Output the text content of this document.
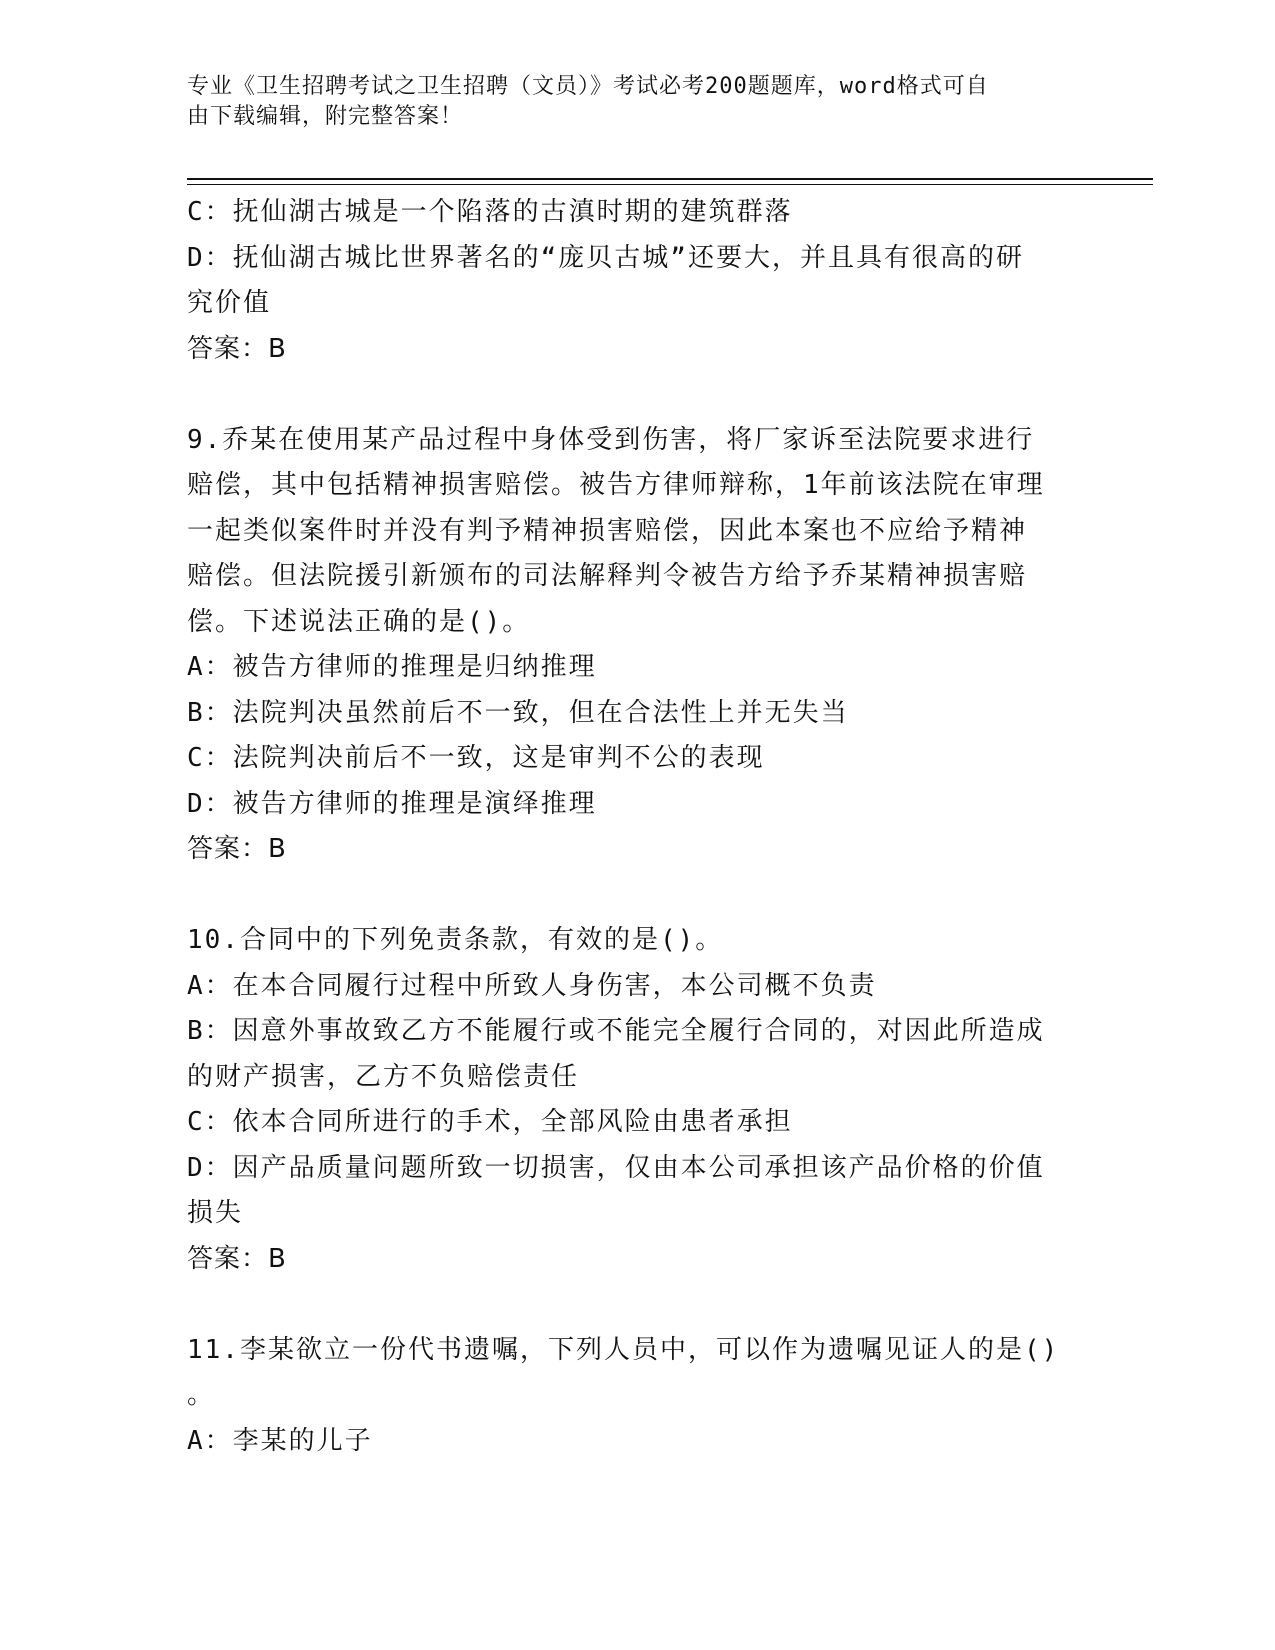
专业《卫生招聘考试之卫生招聘（文员）》考试必考200题题库，word格式可自
由下载编辑，附完整答案！
C：抚仙湖古城是一个陷落的古滇时期的建筑群落
D：抚仙湖古城比世界著名的“庞贝古城”还要大，并且具有很高的研
究价值
答案：B
9.乔某在使用某产品过程中身体受到伤害，将厂家诉至法院要求进行
赔偿，其中包括精神损害赔偿。被告方律师辩称，1年前该法院在审理
一起类似案件时并没有判予精神损害赔偿，因此本案也不应给予精神
赔偿。但法院援引新颁布的司法解释判令被告方给予乔某精神损害赔
偿。下述说法正确的是()。
A：被告方律师的推理是归纳推理
B：法院判决虽然前后不一致，但在合法性上并无失当
C：法院判决前后不一致，这是审判不公的表现
D：被告方律师的推理是演绎推理
答案：B
10.合同中的下列免责条款，有效的是()。
A：在本合同履行过程中所致人身伤害，本公司概不负责
B：因意外事故致乙方不能履行或不能完全履行合同的，对因此所造成
的财产损害，乙方不负赔偿责任
C：依本合同所进行的手术，全部风险由患者承担
D：因产品质量问题所致一切损害，仅由本公司承担该产品价格的价值
损失
答案：B
11.李某欲立一份代书遗嘱，下列人员中，可以作为遗嘱见证人的是()
。
A：李某的儿子
